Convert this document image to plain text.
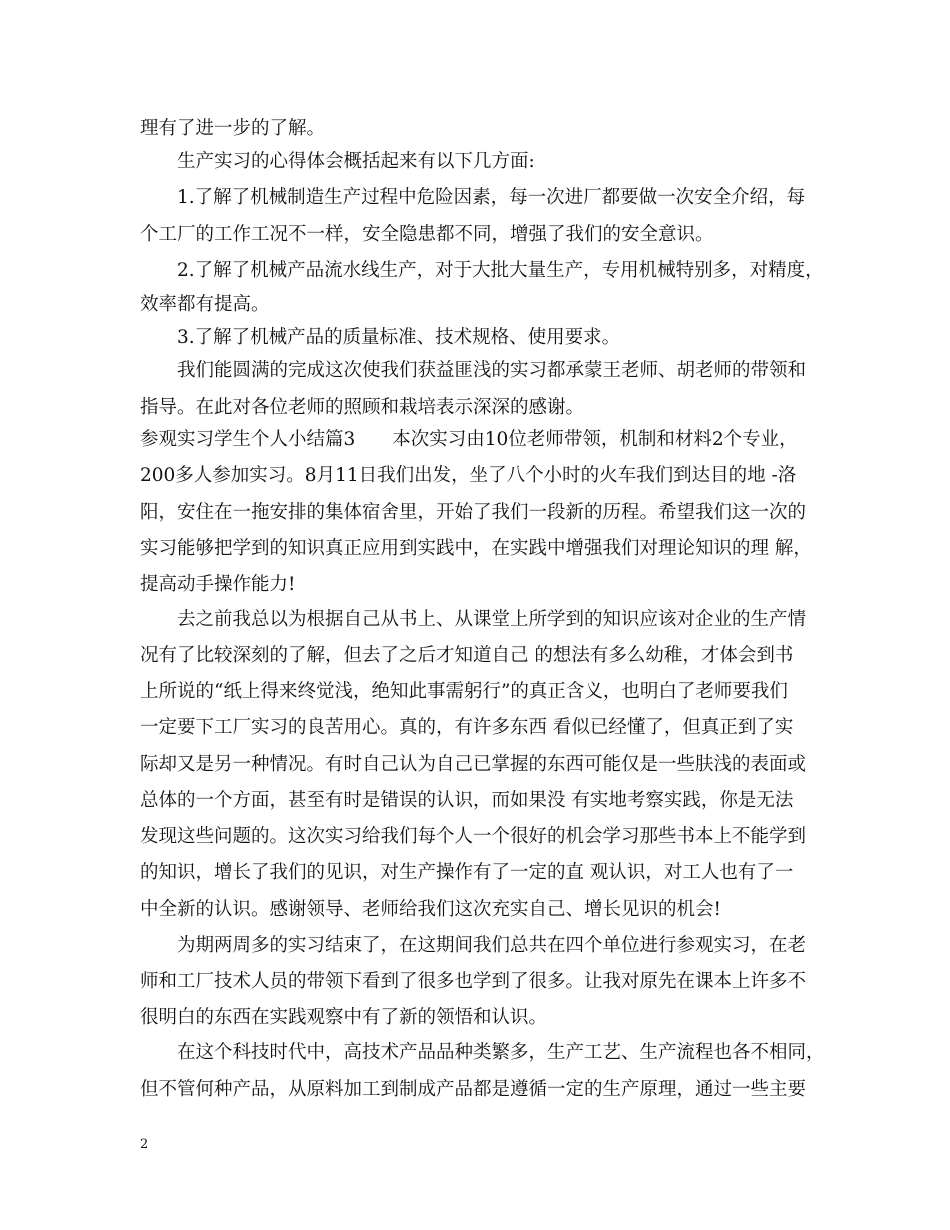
理有了进一步的了解。
生产实习的心得体会概括起来有以下几方面:
1.了解了机械制造生产过程中危险因素，每一次进厂都要做一次安全介绍，每
个工厂的工作工况不一样，安全隐患都不同，增强了我们的安全意识。
2.了解了机械产品流水线生产，对于大批大量生产，专用机械特别多，对精度，
效率都有提高。
3.了解了机械产品的质量标准、技术规格、使用要求。
我们能圆满的完成这次使我们获益匪浅的实习都承蒙王老师、胡老师的带领和
指导。在此对各位老师的照顾和栽培表示深深的感谢。
参观实习学生个人小结篇3　　本次实习由10位老师带领，机制和材料2个专业，
200多人参加实习。8月11日我们出发，坐了八个小时的火车我们到达目的地 -洛
阳，安住在一拖安排的集体宿舍里，开始了我们一段新的历程。希望我们这一次的
实习能够把学到的知识真正应用到实践中，在实践中增强我们对理论知识的理 解，
提高动手操作能力!
去之前我总以为根据自己从书上、从课堂上所学到的知识应该对企业的生产情
况有了比较深刻的了解，但去了之后才知道自己 的想法有多么幼稚，才体会到书
上所说的“纸上得来终觉浅，绝知此事需躬行”的真正含义，也明白了老师要我们
一定要下工厂实习的良苦用心。真的，有许多东西 看似已经懂了，但真正到了实
际却又是另一种情况。有时自己认为自己已掌握的东西可能仅是一些肤浅的表面或
总体的一个方面，甚至有时是错误的认识，而如果没 有实地考察实践，你是无法
发现这些问题的。这次实习给我们每个人一个很好的机会学习那些书本上不能学到
的知识，增长了我们的见识，对生产操作有了一定的直 观认识，对工人也有了一
中全新的认识。感谢领导、老师给我们这次充实自己、增长见识的机会!
为期两周多的实习结束了，在这期间我们总共在四个单位进行参观实习，在老
师和工厂技术人员的带领下看到了很多也学到了很多。让我对原先在课本上许多不
很明白的东西在实践观察中有了新的领悟和认识。
在这个科技时代中，高技术产品品种类繁多，生产工艺、生产流程也各不相同，
但不管何种产品，从原料加工到制成产品都是遵循一定的生产原理，通过一些主要
2
